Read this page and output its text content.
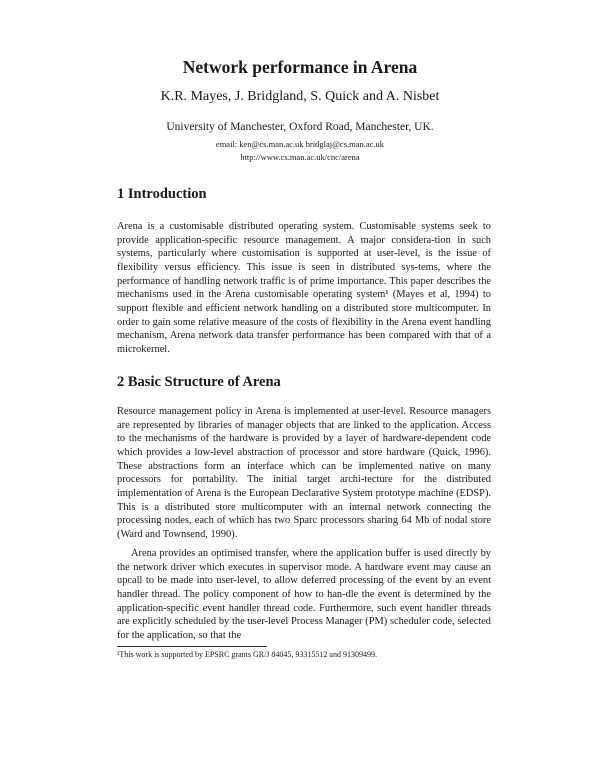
Network performance in Arena
K.R. Mayes, J. Bridgland, S. Quick and A. Nisbet
University of Manchester, Oxford Road, Manchester, UK.
email: ken@cs.man.ac.uk bridglaj@cs.man.ac.uk
http://www.cs.man.ac.uk/cnc/arena
1 Introduction

Arena is a customisable distributed operating system. Customisable systems seek to provide application-specific resource management. A major considera-tion in such systems, particularly where customisation is supported at user-level, is the issue of flexibility versus efficiency. This issue is seen in distributed sys-tems, where the performance of handling network traffic is of prime importance. This paper describes the mechanisms used in the Arena customisable operating system¹ (Mayes et al, 1994) to support flexible and efficient network handling on a distributed store multicomputer. In order to gain some relative measure of the costs of flexibility in the Arena event handling mechanism, Arena network data transfer performance has been compared with that of a microkernel.

2 Basic Structure of Arena

Resource management policy in Arena is implemented at user-level. Resource managers are represented by libraries of manager objects that are linked to the application. Access to the mechanisms of the hardware is provided by a layer of hardware-dependent code which provides a low-level abstraction of processor and store hardware (Quick, 1996). These abstractions form an interface which can be implemented native on many processors for portability. The initial target archi-tecture for the distributed implementation of Arena is the European Declarative System prototype machine (EDSP). This is a distributed store multicomputer with an internal network connecting the processing nodes, each of which has two Sparc processors sharing 64 Mb of nodal store (Ward and Townsend, 1990).

Arena provides an optimised transfer, where the application buffer is used directly by the network driver which executes in supervisor mode. A hardware event may cause an upcall to be made into user-level, to allow deferred processing of the event by an event handler thread. The policy component of how to han-dle the event is determined by the application-specific event handler thread code. Furthermore, such event handler threads are explicitly scheduled by the user-level Process Manager (PM) scheduler code, selected for the application, so that the

¹This work is supported by EPSRC grants GR/J 84045, 93315512 and 91309499.
